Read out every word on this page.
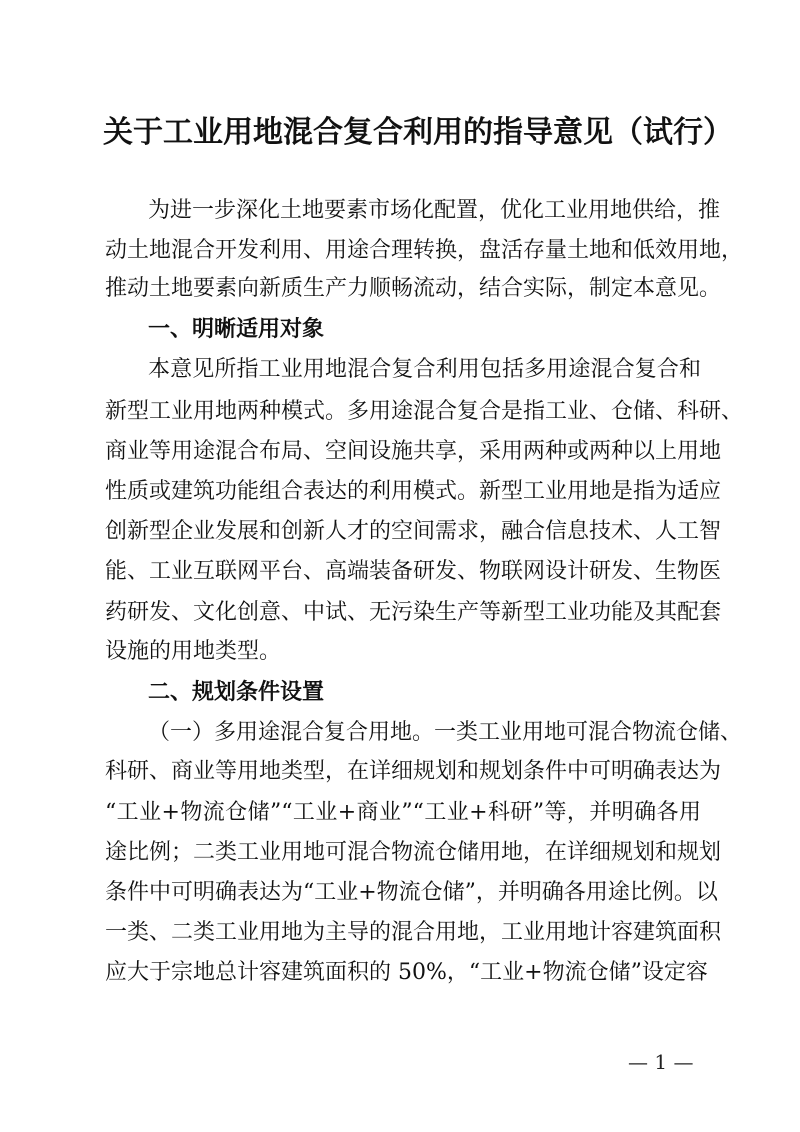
关于工业用地混合复合利用的指导意见（试行）
为进一步深化土地要素市场化配置，优化工业用地供给，推
动土地混合开发利用、用途合理转换，盘活存量土地和低效用地，
推动土地要素向新质生产力顺畅流动，结合实际，制定本意见。
一、明晰适用对象
本意见所指工业用地混合复合利用包括多用途混合复合和
新型工业用地两种模式。多用途混合复合是指工业、仓储、科研、
商业等用途混合布局、空间设施共享，采用两种或两种以上用地
性质或建筑功能组合表达的利用模式。新型工业用地是指为适应
创新型企业发展和创新人才的空间需求，融合信息技术、人工智
能、工业互联网平台、高端装备研发、物联网设计研发、生物医
药研发、文化创意、中试、无污染生产等新型工业功能及其配套
设施的用地类型。
二、规划条件设置
（一）多用途混合复合用地。一类工业用地可混合物流仓储、
科研、商业等用地类型，在详细规划和规划条件中可明确表达为
“工业+物流仓储”“工业+商业”“工业+科研”等，并明确各用
途比例；二类工业用地可混合物流仓储用地，在详细规划和规划
条件中可明确表达为“工业+物流仓储”，并明确各用途比例。以
一类、二类工业用地为主导的混合用地，工业用地计容建筑面积
应大于宗地总计容建筑面积的 50%，“工业+物流仓储”设定容
— 1 —
